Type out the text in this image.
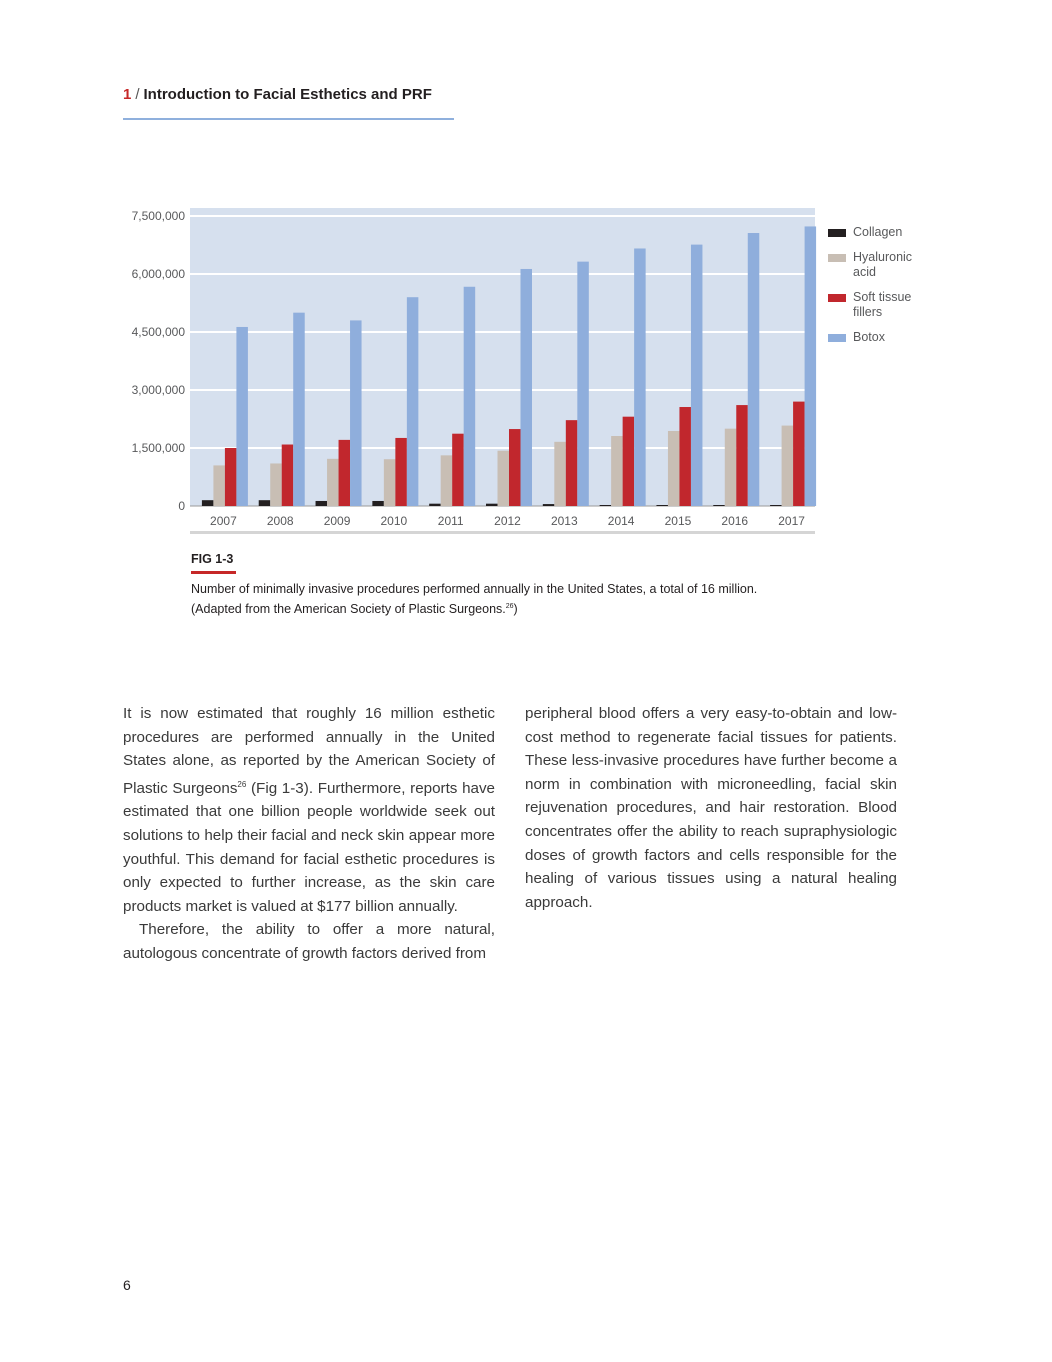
1 / Introduction to Facial Esthetics and PRF
0
1,500,000
3,000,000
4,500,000
6,000,000
7,500,000
2007	2008	2009	2010	2011	2012	2013	2014	2015	2016	2017
Collagen
Hyaluronic acid
Soft tissue fillers
Botox
FIG 1-3
Number of minimally invasive procedures performed annually in the United States, a total of 16 million.
(Adapted from the American Society of Plastic Surgeons.$^{26}$)

It is now estimated that roughly 16 million esthetic procedures are performed annually in the United States alone, as reported by the American Society of Plastic Surgeons$^{26}$ (Fig 1-3). Furthermore, reports have estimated that one billion people worldwide seek out solutions to help their facial and neck skin appear more youthful. This demand for facial esthetic procedures is only expected to further increase, as the skin care products market is valued at $177 billion annually.

Therefore, the ability to offer a more natural, autologous concentrate of growth factors derived from

peripheral blood offers a very easy-to-obtain and low-cost method to regenerate facial tissues for patients. These less-invasive procedures have further become a norm in combination with microneedling, facial skin rejuvenation procedures, and hair restoration. Blood concentrates offer the ability to reach supraphysiologic doses of growth factors and cells responsible for the healing of various tissues using a natural healing approach.

6
